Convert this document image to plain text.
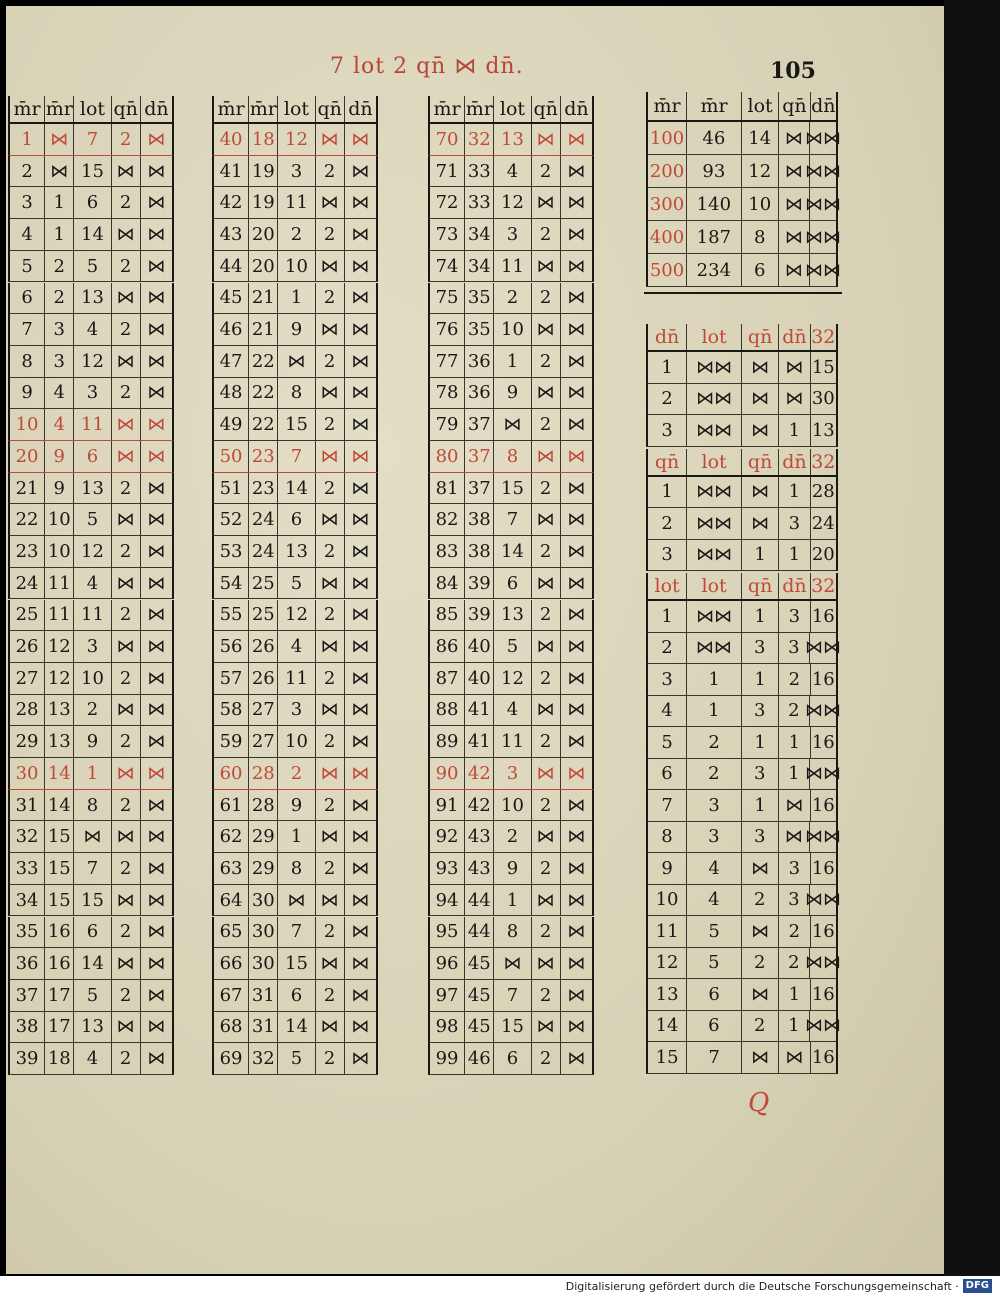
7 lot 2 qn̄ ⋈ dn̄.	105
m̄r m̄r lot qn̄ dn̄
1 ⋈	7	2 ⋈
2 ⋈ 15 ⋈ ⋈
3	1	6	2 ⋈
4	1 14 ⋈ ⋈
5	2	5	2 ⋈
6	2 13 ⋈ ⋈
7	3	4	2 ⋈
8	3 12 ⋈ ⋈
9	4	3	2 ⋈
10 4 11 ⋈ ⋈
20 9	6	⋈ ⋈
21 9 13 2 ⋈
22 10 5	⋈ ⋈
23 10 12 2 ⋈
24 11 4	⋈ ⋈
25 11 11 2 ⋈
26 12 3	⋈ ⋈
27 12 10 2 ⋈
28 13 2	⋈ ⋈
29 13 9	2 ⋈
30 14 1	⋈ ⋈
31 14 8	2 ⋈
32 15 ⋈ ⋈ ⋈
33 15 7	2 ⋈
34 15 15 ⋈ ⋈
35 16 6	2 ⋈
36 16 14 ⋈ ⋈
37 17 5	2 ⋈
38 17 13 ⋈ ⋈
39 18 4	2 ⋈
m̄r m̄r lot qn̄ dn̄
40 18 12 ⋈ ⋈
41 19 3	2 ⋈
42 19 11 ⋈ ⋈
43 20 2	2 ⋈
44 20 10 ⋈ ⋈
45 21 1	2 ⋈
46 21 9	⋈ ⋈
47 22 ⋈	2 ⋈
48 22 8	⋈ ⋈
49 22 15 2 ⋈
50 23 7	⋈ ⋈
51 23 14 2 ⋈
52 24 6	⋈ ⋈
53 24 13 2 ⋈
54 25 5	⋈ ⋈
55 25 12 2 ⋈
56 26 4	⋈ ⋈
57 26 11 2 ⋈
58 27 3	⋈ ⋈
59 27 10 2 ⋈
60 28 2	⋈ ⋈
61 28 9	2 ⋈
62 29 1	⋈ ⋈
63 29 8	2 ⋈
64 30 ⋈ ⋈ ⋈
65 30 7	2 ⋈
66 30 15 ⋈ ⋈
67 31 6	2 ⋈
68 31 14 ⋈ ⋈
69 32 5	2 ⋈
m̄r m̄r lot qn̄ dn̄
70 32 13 ⋈ ⋈
71 33 4	2 ⋈
72 33 12 ⋈ ⋈
73 34 3	2 ⋈
74 34 11 ⋈ ⋈
75 35 2	2 ⋈
76 35 10 ⋈ ⋈
77 36 1	2 ⋈
78 36 9	⋈ ⋈
79 37 ⋈	2 ⋈
80 37 8	⋈ ⋈
81 37 15 2 ⋈
82 38 7	⋈ ⋈
83 38 14 2 ⋈
84 39 6	⋈ ⋈
85 39 13 2 ⋈
86 40 5	⋈ ⋈
87 40 12 2 ⋈
88 41 4	⋈ ⋈
89 41 11 2 ⋈
90 42 3	⋈ ⋈
91 42 10 2 ⋈
92 43 2	⋈ ⋈
93 43 9	2 ⋈
94 44 1	⋈ ⋈
95 44 8	2 ⋈
96 45 ⋈ ⋈ ⋈
97 45 7	2 ⋈
98 45 15 ⋈ ⋈
99 46 6	2 ⋈
m̄r	m̄r	lot qn̄ dn̄
100	46	14 ⋈ ⋈⋈
200	93	12 ⋈ ⋈⋈
300 140 10 ⋈ ⋈⋈
400 187	8	⋈ ⋈⋈
500 234	6	⋈ ⋈⋈
dn̄	lot	qn̄ dn̄ 32
1	⋈⋈	⋈ ⋈ 15
2	⋈⋈	⋈ ⋈ 30
3	⋈⋈	⋈	1 13
qn̄	lot	qn̄ dn̄ 32
1	⋈⋈	⋈	1 28
2	⋈⋈	⋈	3 24
3	⋈⋈	1	1 20
lot	lot	qn̄ dn̄ 32
1	⋈⋈	1	3 16
2	⋈⋈	3	3 ⋈⋈
3	1	1	2 16
4	1	3	2 ⋈⋈
5	2	1	1 16
6	2	3	1 ⋈⋈
7	3	1	⋈ 16
8	3	3	⋈ ⋈⋈
9	4	⋈	3 16
10	4	2	3 ⋈⋈
11	5	⋈	2 16
12	5	2	2 ⋈⋈
13	6	⋈	1 16
14	6	2	1 ⋈⋈
15	7	⋈ ⋈ 16
Q
Digitalisierung gefördert durch die Deutsche Forschungsgemeinschaft · DFG
